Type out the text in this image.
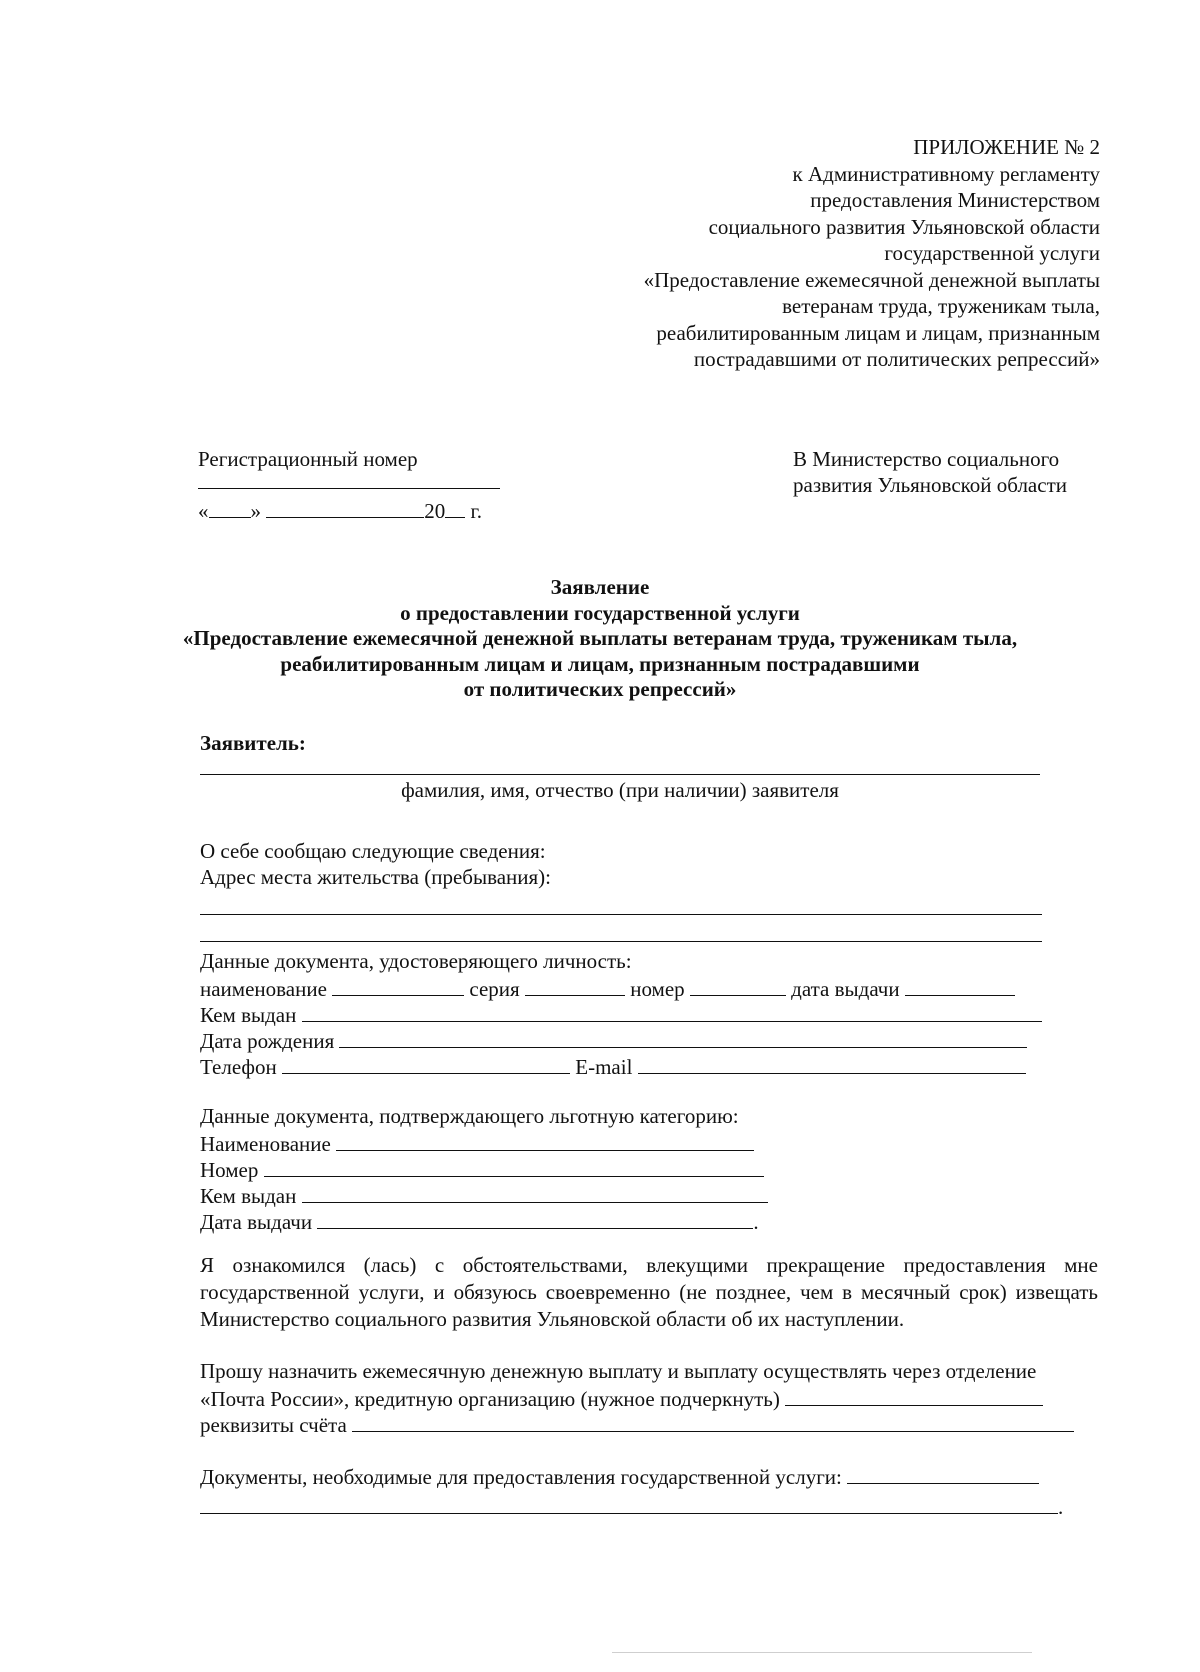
ПРИЛОЖЕНИЕ № 2
к Административному регламенту
предоставления Министерством
социального развития Ульяновской области
государственной услуги
«Предоставление ежемесячной денежной выплаты
ветеранам труда, труженикам тыла,
реабилитированным лицам и лицам, признанным
пострадавшими от политических репрессий»
Регистрационный номер
« »	20 г.
В Министерство социального
развития Ульяновской области
Заявление
о предоставлении государственной услуги
«Предоставление ежемесячной денежной выплаты ветеранам труда, труженикам тыла,
реабилитированным лицам и лицам, признанным пострадавшими
от политических репрессий»
Заявитель:
фамилия, имя, отчество (при наличии) заявителя
О себе сообщаю следующие сведения:
Адрес места жительства (пребывания):
Данные документа, удостоверяющего личность:
наименование	серия	номер	дата выдачи
Кем выдан
Дата рождения
Телефон	E-mail
Данные документа, подтверждающего льготную категорию:
Наименование
Номер
Кем выдан
Дата выдачи	.
Я ознакомился (лась) с обстоятельствами, влекущими прекращение предоставления мне государственной услуги, и обязуюсь своевременно (не позднее, чем в месячный срок) извещать Министерство социального развития Ульяновской области об их наступлении.
Прошу назначить ежемесячную денежную выплату и выплату осуществлять через отделение
«Почта России», кредитную организацию (нужное подчеркнуть)
реквизиты счёта
Документы, необходимые для предоставления государственной услуги:
.
